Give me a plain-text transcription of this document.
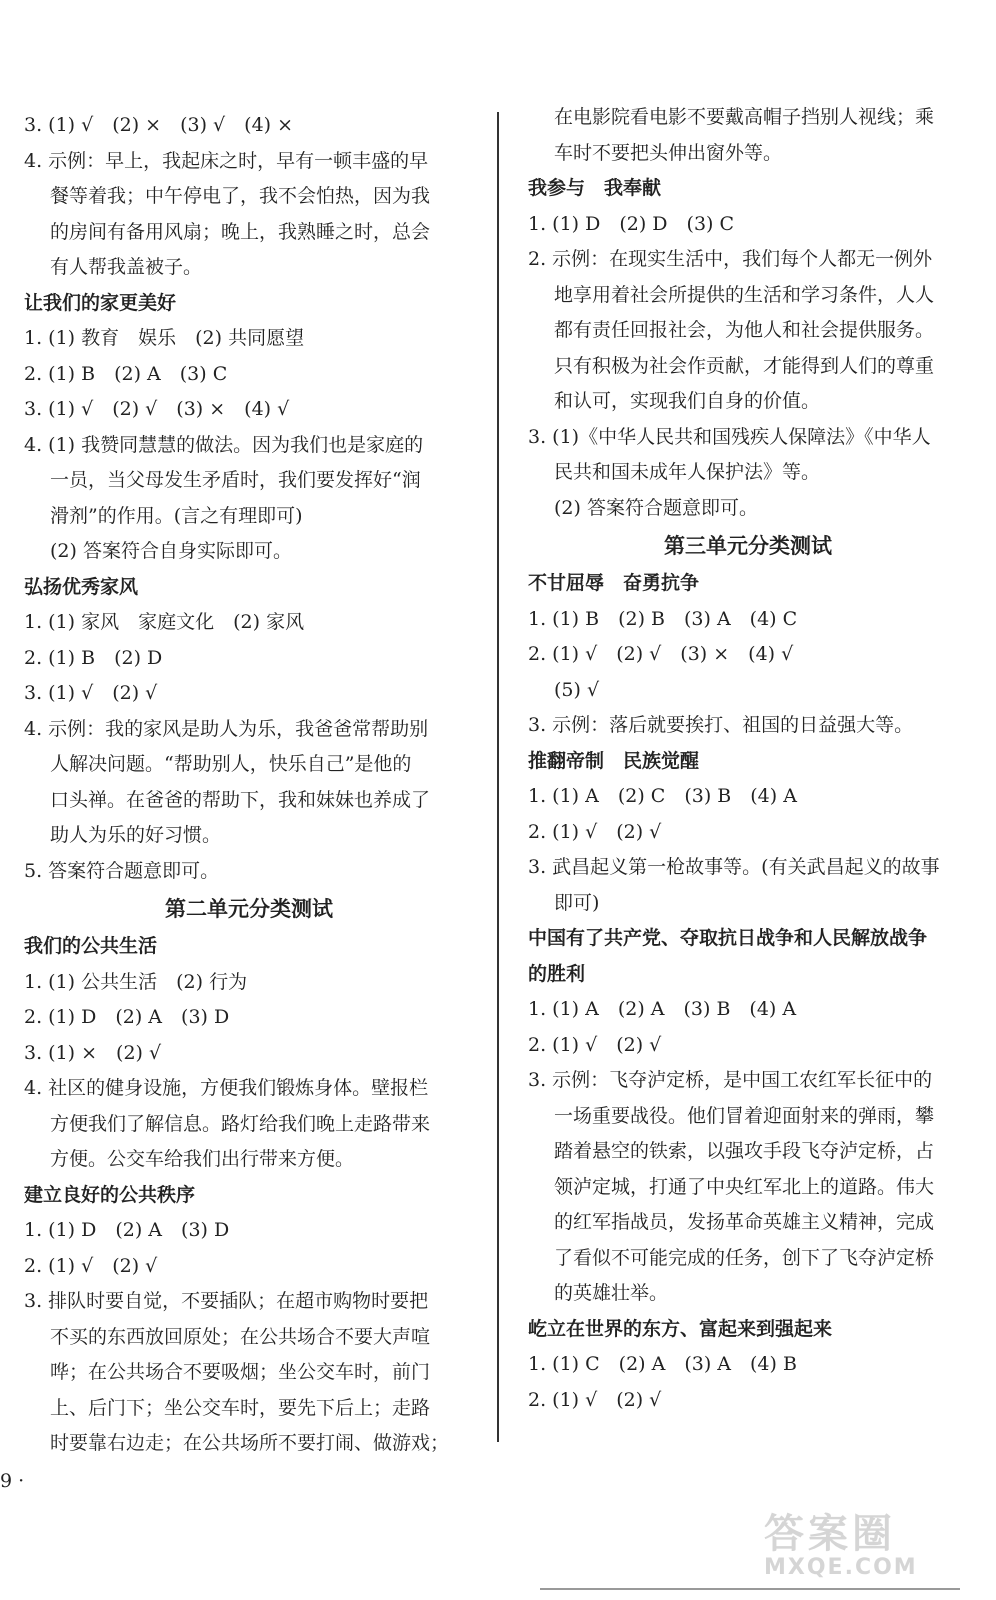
3. (1) √　(2) ×　(3) √　(4) ×
4. 示例：早上，我起床之时，早有一顿丰盛的早
餐等着我；中午停电了，我不会怕热，因为我
的房间有备用风扇；晚上，我熟睡之时，总会
有人帮我盖被子。
让我们的家更美好
1. (1) 教育　娱乐　(2) 共同愿望
2. (1) B　(2) A　(3) C
3. (1) √　(2) √　(3) ×　(4) √
4. (1) 我赞同慧慧的做法。因为我们也是家庭的
一员，当父母发生矛盾时，我们要发挥好“润
滑剂”的作用。(言之有理即可)
(2) 答案符合自身实际即可。
弘扬优秀家风
1. (1) 家风　家庭文化　(2) 家风
2. (1) B　(2) D
3. (1) √　(2) √
4. 示例：我的家风是助人为乐，我爸爸常帮助别
人解决问题。“帮助别人，快乐自己”是他的
口头禅。在爸爸的帮助下，我和妹妹也养成了
助人为乐的好习惯。
5. 答案符合题意即可。
第二单元分类测试
我们的公共生活
1. (1) 公共生活　(2) 行为
2. (1) D　(2) A　(3) D
3. (1) ×　(2) √
4. 社区的健身设施，方便我们锻炼身体。壁报栏
方便我们了解信息。路灯给我们晚上走路带来
方便。公交车给我们出行带来方便。
建立良好的公共秩序
1. (1) D　(2) A　(3) D
2. (1) √　(2) √
3. 排队时要自觉，不要插队；在超市购物时要把
不买的东西放回原处；在公共场合不要大声喧
哗；在公共场合不要吸烟；坐公交车时，前门
上、后门下；坐公交车时，要先下后上；走路
时要靠右边走；在公共场所不要打闹、做游戏；
在电影院看电影不要戴高帽子挡别人视线；乘
车时不要把头伸出窗外等。
我参与　我奉献
1. (1) D　(2) D　(3) C
2. 示例：在现实生活中，我们每个人都无一例外
地享用着社会所提供的生活和学习条件，人人
都有责任回报社会，为他人和社会提供服务。
只有积极为社会作贡献，才能得到人们的尊重
和认可，实现我们自身的价值。
3. (1)《中华人民共和国残疾人保障法》《中华人
民共和国未成年人保护法》等。
(2) 答案符合题意即可。
第三单元分类测试
不甘屈辱　奋勇抗争
1. (1) B　(2) B　(3) A　(4) C
2. (1) √　(2) √　(3) ×　(4) √
(5) √
3. 示例：落后就要挨打、祖国的日益强大等。
推翻帝制　民族觉醒
1. (1) A　(2) C　(3) B　(4) A
2. (1) √　(2) √
3. 武昌起义第一枪故事等。(有关武昌起义的故事
即可)
中国有了共产党、夺取抗日战争和人民解放战争
的胜利
1. (1) A　(2) A　(3) B　(4) A
2. (1) √　(2) √
3. 示例：飞夺泸定桥，是中国工农红军长征中的
一场重要战役。他们冒着迎面射来的弹雨，攀
踏着悬空的铁索，以强攻手段飞夺泸定桥，占
领泸定城，打通了中央红军北上的道路。伟大
的红军指战员，发扬革命英雄主义精神，完成
了看似不可能完成的任务，创下了飞夺泸定桥
的英雄壮举。
屹立在世界的东方、富起来到强起来
1. (1) C　(2) A　(3) A　(4) B
2. (1) √　(2) √
9 ·
答案圈
MXQE.COM
